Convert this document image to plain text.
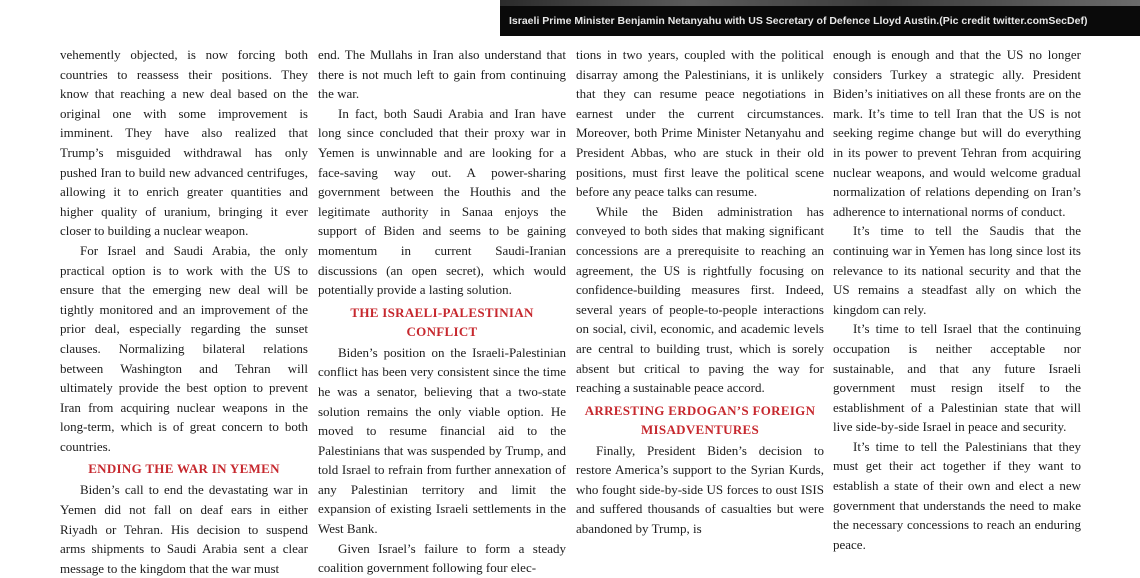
Israeli Prime Minister Benjamin Netanyahu with US Secretary of Defence Lloyd Austin.(Pic credit twitter.comSecDef)

vehemently objected, is now forcing both countries to reassess their positions. They know that reaching a new deal based on the original one with some improvement is imminent. They have also realized that Trump’s misguided withdrawal has only pushed Iran to build new advanced centrifuges, allowing it to enrich greater quantities and higher quality of uranium, bringing it ever closer to building a nuclear weapon.

For Israel and Saudi Arabia, the only practical option is to work with the US to ensure that the emerging new deal will be tightly monitored and an improvement of the prior deal, especially regarding the sunset clauses. Normalizing bilateral relations between Washington and Tehran will ultimately provide the best option to prevent Iran from acquiring nuclear weapons in the long-term, which is of great concern to both countries.

ENDING THE WAR IN YEMEN

Biden’s call to end the devastating war in Yemen did not fall on deaf ears in either Riyadh or Tehran. His decision to suspend arms shipments to Saudi Arabia sent a clear message to the kingdom that the war must

end. The Mullahs in Iran also understand that there is not much left to gain from continuing the war.

In fact, both Saudi Arabia and Iran have long since concluded that their proxy war in Yemen is unwinnable and are looking for a face-saving way out. A power-sharing government between the Houthis and the legitimate authority in Sanaa enjoys the support of Biden and seems to be gaining momentum in current Saudi-Iranian discussions (an open secret), which would potentially provide a lasting solution.

THE ISRAELI-PALESTINIAN CONFLICT

Biden’s position on the Israeli-Palestinian conflict has been very consistent since the time he was a senator, believing that a two-state solution remains the only viable option. He moved to resume financial aid to the Palestinians that was suspended by Trump, and told Israel to refrain from further annexation of any Palestinian territory and limit the expansion of existing Israeli settlements in the West Bank.

Given Israel’s failure to form a steady coalition government following four elec-

tions in two years, coupled with the political disarray among the Palestinians, it is unlikely that they can resume peace negotiations in earnest under the current circumstances. Moreover, both Prime Minister Netanyahu and President Abbas, who are stuck in their old positions, must first leave the political scene before any peace talks can resume.

While the Biden administration has conveyed to both sides that making significant concessions are a prerequisite to reaching an agreement, the US is rightfully focusing on confidence-building measures first. Indeed, several years of people-to-people interactions on social, civil, economic, and academic levels are central to building trust, which is sorely absent but critical to paving the way for reaching a sustainable peace accord.

ARRESTING ERDOGAN’S FOREIGN MISADVENTURES

Finally, President Biden’s decision to restore America’s support to the Syrian Kurds, who fought side-by-side US forces to oust ISIS and suffered thousands of casualties but were abandoned by Trump, is

enough is enough and that the US no longer considers Turkey a strategic ally. President Biden’s initiatives on all these fronts are on the mark. It’s time to tell Iran that the US is not seeking regime change but will do everything in its power to prevent Tehran from acquiring nuclear weapons, and would welcome gradual normalization of relations depending on Iran’s adherence to international norms of conduct.

It’s time to tell the Saudis that the continuing war in Yemen has long since lost its relevance to its national security and that the US remains a steadfast ally on which the kingdom can rely.

It’s time to tell Israel that the continuing occupation is neither acceptable nor sustainable, and that any future Israeli government must resign itself to the establishment of a Palestinian state that will live side-by-side Israel in peace and security.

It’s time to tell the Palestinians that they must get their act together if they want to establish a state of their own and elect a new government that understands the need to make the necessary concessions to reach an enduring peace.
